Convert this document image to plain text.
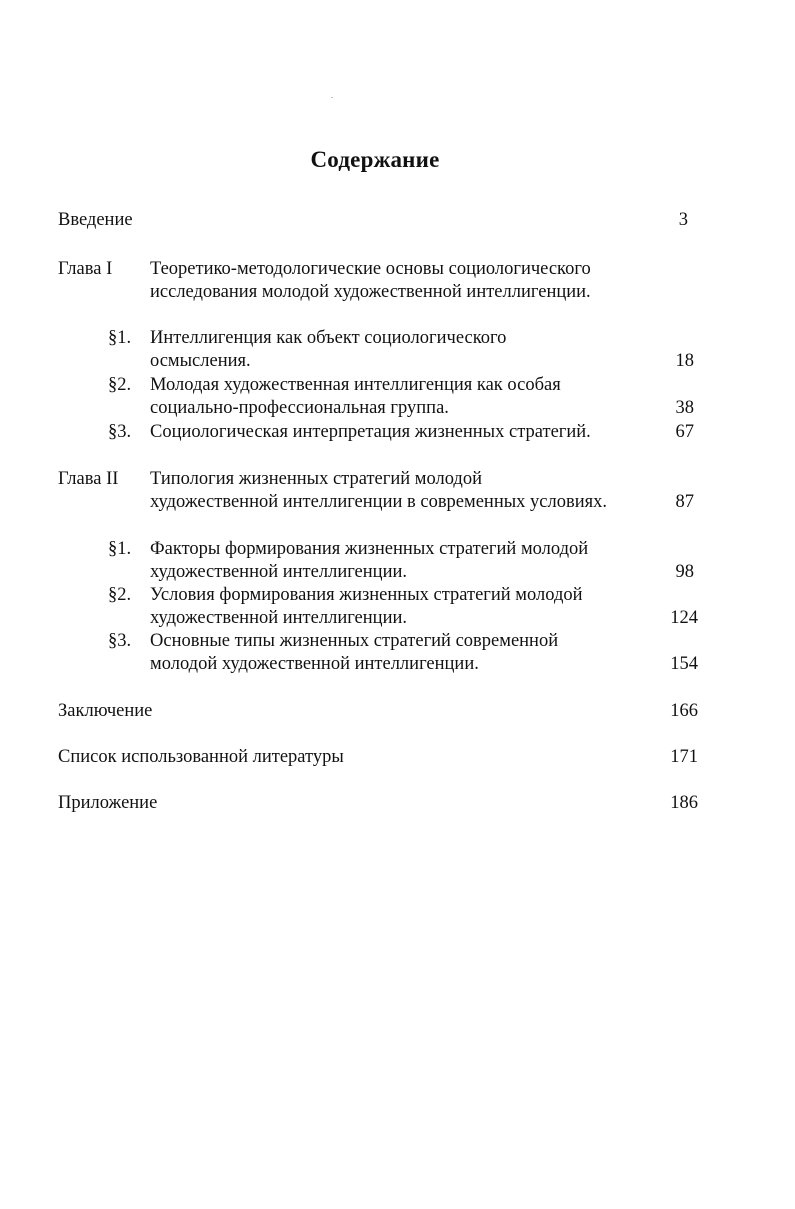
Содержание
Введение	3
Глава I Теоретико-методологические основы социологического
исследования молодой художественной интеллигенции.
§1. Интеллигенция как объект социологического
осмысления.	18
§2. Молодая художественная интеллигенция как особая
социально-профессиональная группа.	38
§3. Социологическая интерпретация жизненных стратегий.	67
Глава II Типология жизненных стратегий молодой
художественной интеллигенции в современных условиях.	87
§1. Факторы формирования жизненных стратегий молодой
художественной интеллигенции.	98
§2. Условия формирования жизненных стратегий молодой
художественной интеллигенции.	124
§3. Основные типы жизненных стратегий современной
молодой художественной интеллигенции.	154
Заключение	166
Список использованной литературы	171
Приложение	186
